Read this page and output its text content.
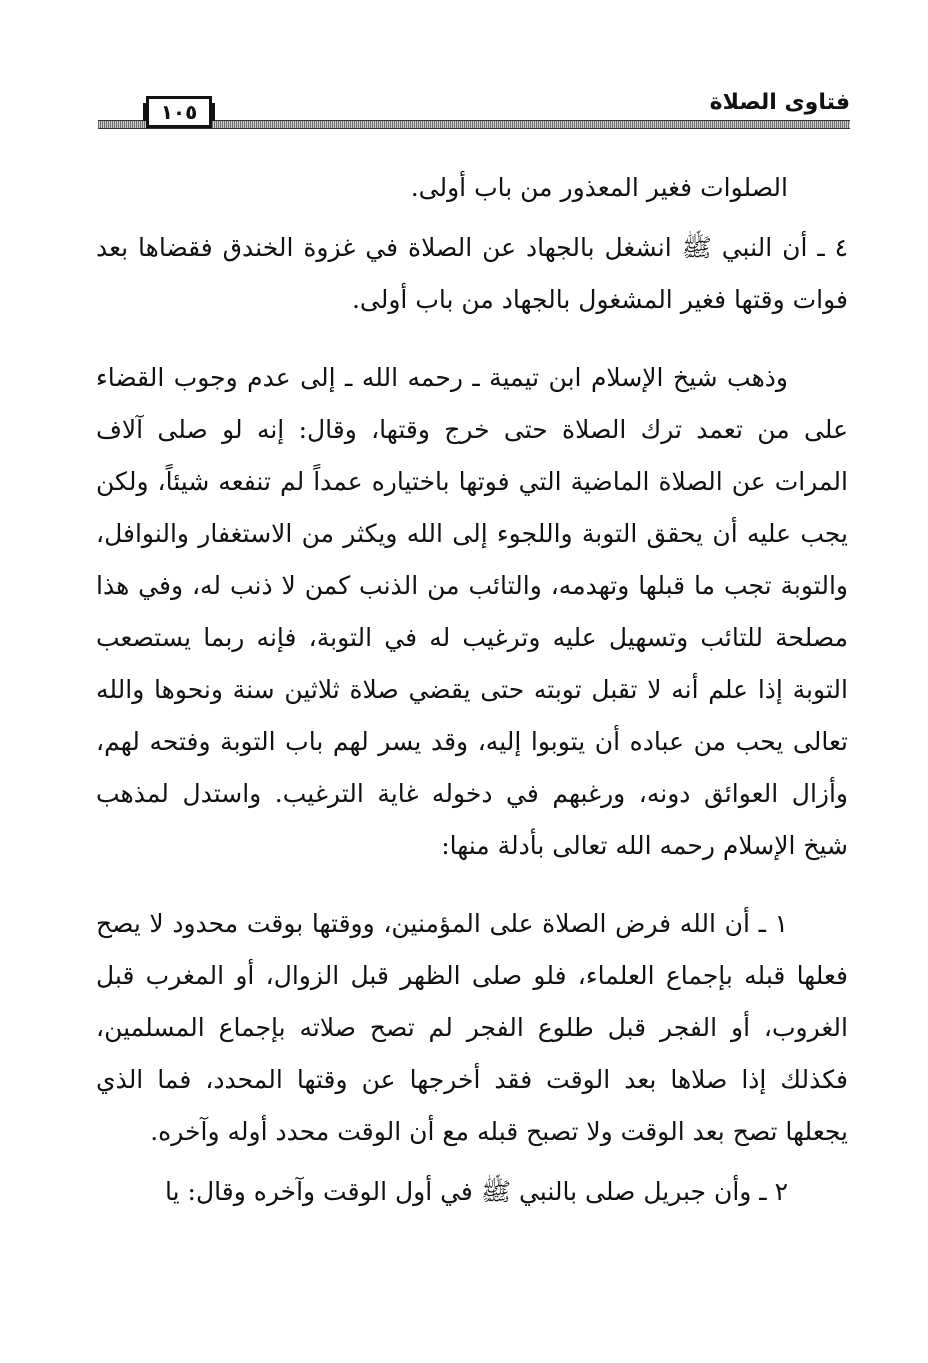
فتاوى الصلاة
١٠٥

الصلوات فغير المعذور من باب أولى.

٤ ـ أن النبي ﷺ انشغل بالجهاد عن الصلاة في غزوة الخندق فقضاها بعد فوات وقتها فغير المشغول بالجهاد من باب أولى.

وذهب شيخ الإسلام ابن تيمية ـ رحمه الله ـ إلى عدم وجوب القضاء على من تعمد ترك الصلاة حتى خرج وقتها، وقال: إنه لو صلى آلاف المرات عن الصلاة الماضية التي فوتها باختياره عمداً لم تنفعه شيئاً، ولكن يجب عليه أن يحقق التوبة واللجوء إلى الله ويكثر من الاستغفار والنوافل، والتوبة تجب ما قبلها وتهدمه، والتائب من الذنب كمن لا ذنب له، وفي هذا مصلحة للتائب وتسهيل عليه وترغيب له في التوبة، فإنه ربما يستصعب التوبة إذا علم أنه لا تقبل توبته حتى يقضي صلاة ثلاثين سنة ونحوها والله تعالى يحب من عباده أن يتوبوا إليه، وقد يسر لهم باب التوبة وفتحه لهم، وأزال العوائق دونه، ورغبهم في دخوله غاية الترغيب. واستدل لمذهب شيخ الإسلام رحمه الله تعالى بأدلة منها:

١ ـ أن الله فرض الصلاة على المؤمنين، ووقتها بوقت محدود لا يصح فعلها قبله بإجماع العلماء، فلو صلى الظهر قبل الزوال، أو المغرب قبل الغروب، أو الفجر قبل طلوع الفجر لم تصح صلاته بإجماع المسلمين، فكذلك إذا صلاها بعد الوقت فقد أخرجها عن وقتها المحدد، فما الذي يجعلها تصح بعد الوقت ولا تصبح قبله مع أن الوقت محدد أوله وآخره.

٢ ـ وأن جبريل صلى بالنبي ﷺ في أول الوقت وآخره وقال: يا
